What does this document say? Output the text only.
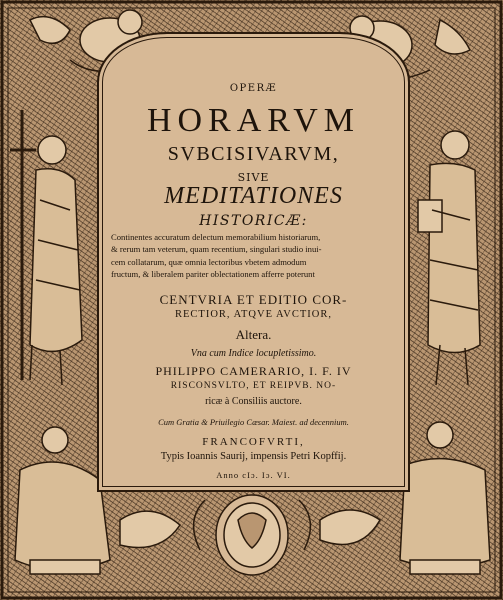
OPERÆ
HORARVM
SVBCISIVARVM,
SIVE
MEDITATIONES
HISTORICÆ:
Continentes accuratum delectum memorabilium historiarum,
& rerum tam veterum, quam recentium, singulari studio inui-
cem collatarum, quæ omnia lectoribus vbetem admodum
fructum, & liberalem pariter oblectationem afferre poterunt
CENTVRIA ET EDITIO COR-
RECTIOR, ATQVE AVCTIOR,
Altera.
Vna cum Indice locupletissimo.
PHILIPPO CAMERARIO, I. F. IV
RISCONSVLTO, ET REIPVB. NO-
ricæ à Consiliis auctore.
Cum Gratia & Priuilegio Cæsar. Maiest. ad decennium.
FRANCOFVRTI,
Typis Ioannis Saurij, impensis Petri Kopffij.
Anno cIɔ. Iɔ. VI.
